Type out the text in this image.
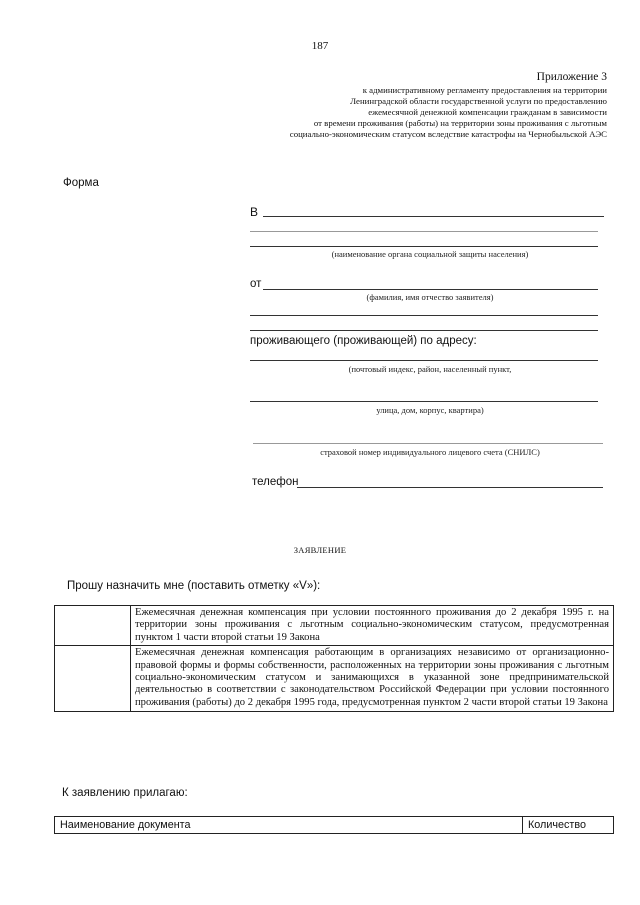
187
Приложение 3
к административному регламенту предоставления на территории
Ленинградской области государственной услуги по предоставлению
ежемесячной денежной компенсации гражданам в зависимости
от времени проживания (работы) на территории зоны проживания с льготным
социально-экономическим статусом вследствие катастрофы на Чернобыльской АЭС
Форма
В
(наименование органа социальной защиты населения)
от
(фамилия, имя отчество заявителя)
проживающего (проживающей) по адресу:
(почтовый индекс, район, населенный пункт,
улица, дом, корпус, квартира)
страховой номер индивидуального лицевого счета (СНИЛС)
телефон
ЗАЯВЛЕНИЕ
Прошу назначить мне (поставить отметку «V»):
Ежемесячная денежная компенсация при условии постоянного проживания до 2 декабря 1995 г. на территории зоны проживания с льготным социально-экономическим статусом, предусмотренная пунктом 1 части второй статьи 19 Закона
Ежемесячная денежная компенсация работающим в организациях независимо от организационно-правовой формы и формы собственности, расположенных на территории зоны проживания с льготным социально-экономическим статусом и занимающихся в указанной зоне предпринимательской деятельностью в соответствии с законодательством Российской Федерации при условии постоянного проживания (работы) до 2 декабря 1995 года, предусмотренная пунктом 2 части второй статьи 19 Закона
К заявлению прилагаю:
Наименование документа	Количество
